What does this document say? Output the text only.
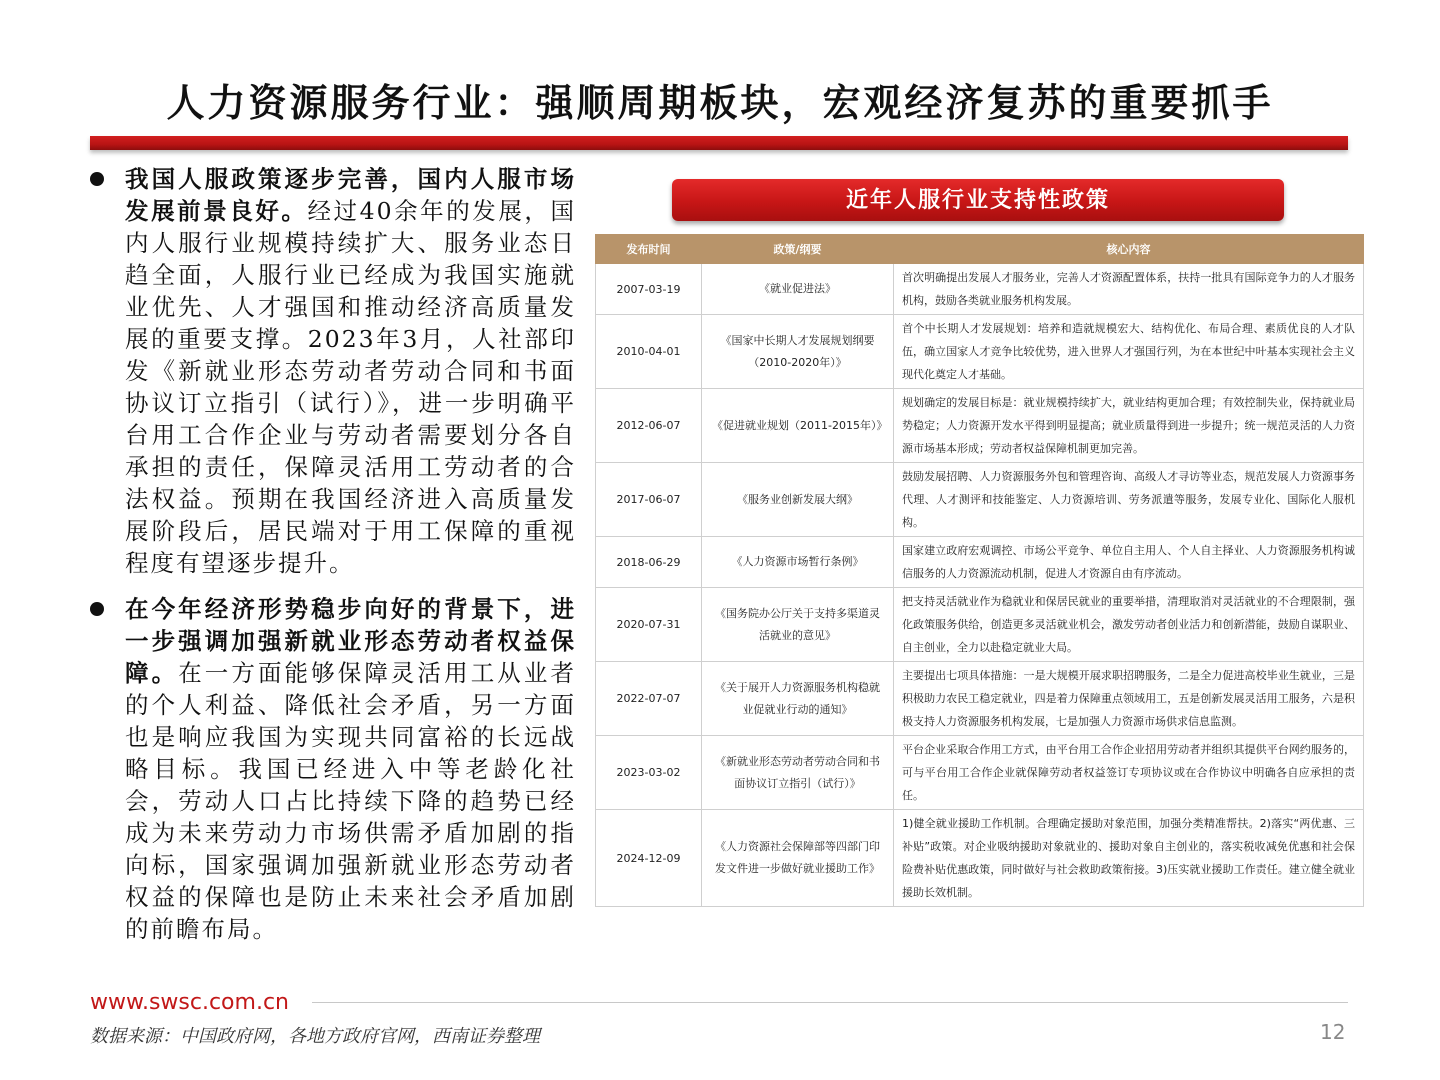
人力资源服务行业：强顺周期板块，宏观经济复苏的重要抓手
我国人服政策逐步完善，国内人服市场发展前景良好。经过40余年的发展，国内人服行业规模持续扩大、服务业态日趋全面，人服行业已经成为我国实施就业优先、人才强国和推动经济高质量发展的重要支撑。2023年3月，人社部印发《新就业形态劳动者劳动合同和书面协议订立指引（试行）》，进一步明确平台用工合作企业与劳动者需要划分各自承担的责任，保障灵活用工劳动者的合法权益。预期在我国经济进入高质量发展阶段后，居民端对于用工保障的重视程度有望逐步提升。
在今年经济形势稳步向好的背景下，进一步强调加强新就业形态劳动者权益保障。在一方面能够保障灵活用工从业者的个人利益、降低社会矛盾，另一方面也是响应我国为实现共同富裕的长远战略目标。我国已经进入中等老龄化社会，劳动人口占比持续下降的趋势已经成为未来劳动力市场供需矛盾加剧的指向标，国家强调加强新就业形态劳动者权益的保障也是防止未来社会矛盾加剧的前瞻布局。
近年人服行业支持性政策
发布时间	政策/纲要	核心内容
2007-03-19	《就业促进法》	首次明确提出发展人才服务业，完善人才资源配置体系，扶持一批具有国际竞争力的人才服务机构，鼓励各类就业服务机构发展。
2010-04-01	《国家中长期人才发展规划纲要（2010-2020年）》	首个中长期人才发展规划：培养和造就规模宏大、结构优化、布局合理、素质优良的人才队伍，确立国家人才竞争比较优势，进入世界人才强国行列，为在本世纪中叶基本实现社会主义现代化奠定人才基础。
2012-06-07	《促进就业规划（2011-2015年）》	规划确定的发展目标是：就业规模持续扩大，就业结构更加合理；有效控制失业，保持就业局势稳定；人力资源开发水平得到明显提高；就业质量得到进一步提升；统一规范灵活的人力资源市场基本形成；劳动者权益保障机制更加完善。
2017-06-07	《服务业创新发展大纲》	鼓励发展招聘、人力资源服务外包和管理咨询、高级人才寻访等业态，规范发展人力资源事务代理、人才测评和技能鉴定、人力资源培训、劳务派遣等服务，发展专业化、国际化人服机构。
2018-06-29	《人力资源市场暂行条例》	国家建立政府宏观调控、市场公平竞争、单位自主用人、个人自主择业、人力资源服务机构诚信服务的人力资源流动机制，促进人才资源自由有序流动。
2020-07-31	《国务院办公厅关于支持多渠道灵活就业的意见》	把支持灵活就业作为稳就业和保居民就业的重要举措，清理取消对灵活就业的不合理限制，强化政策服务供给，创造更多灵活就业机会，激发劳动者创业活力和创新潜能，鼓励自谋职业、自主创业，全力以赴稳定就业大局。
2022-07-07	《关于展开人力资源服务机构稳就业促就业行动的通知》	主要提出七项具体措施：一是大规模开展求职招聘服务，二是全力促进高校毕业生就业，三是积极助力农民工稳定就业，四是着力保障重点领域用工，五是创新发展灵活用工服务，六是积极支持人力资源服务机构发展，七是加强人力资源市场供求信息监测。
2023-03-02	《新就业形态劳动者劳动合同和书面协议订立指引（试行）》	平台企业采取合作用工方式，由平台用工合作企业招用劳动者并组织其提供平台网约服务的，可与平台用工合作企业就保障劳动者权益签订专项协议或在合作协议中明确各自应承担的责任。
2024-12-09	《人力资源社会保障部等四部门印发文件进一步做好就业援助工作》	1)健全就业援助工作机制。合理确定援助对象范围，加强分类精准帮扶。2)落实“两优惠、三补贴”政策。对企业吸纳援助对象就业的、援助对象自主创业的，落实税收减免优惠和社会保险费补贴优惠政策，同时做好与社会救助政策衔接。3)压实就业援助工作责任。建立健全就业援助长效机制。
www.swsc.com.cn
数据来源：中国政府网，各地方政府官网，西南证券整理	12
